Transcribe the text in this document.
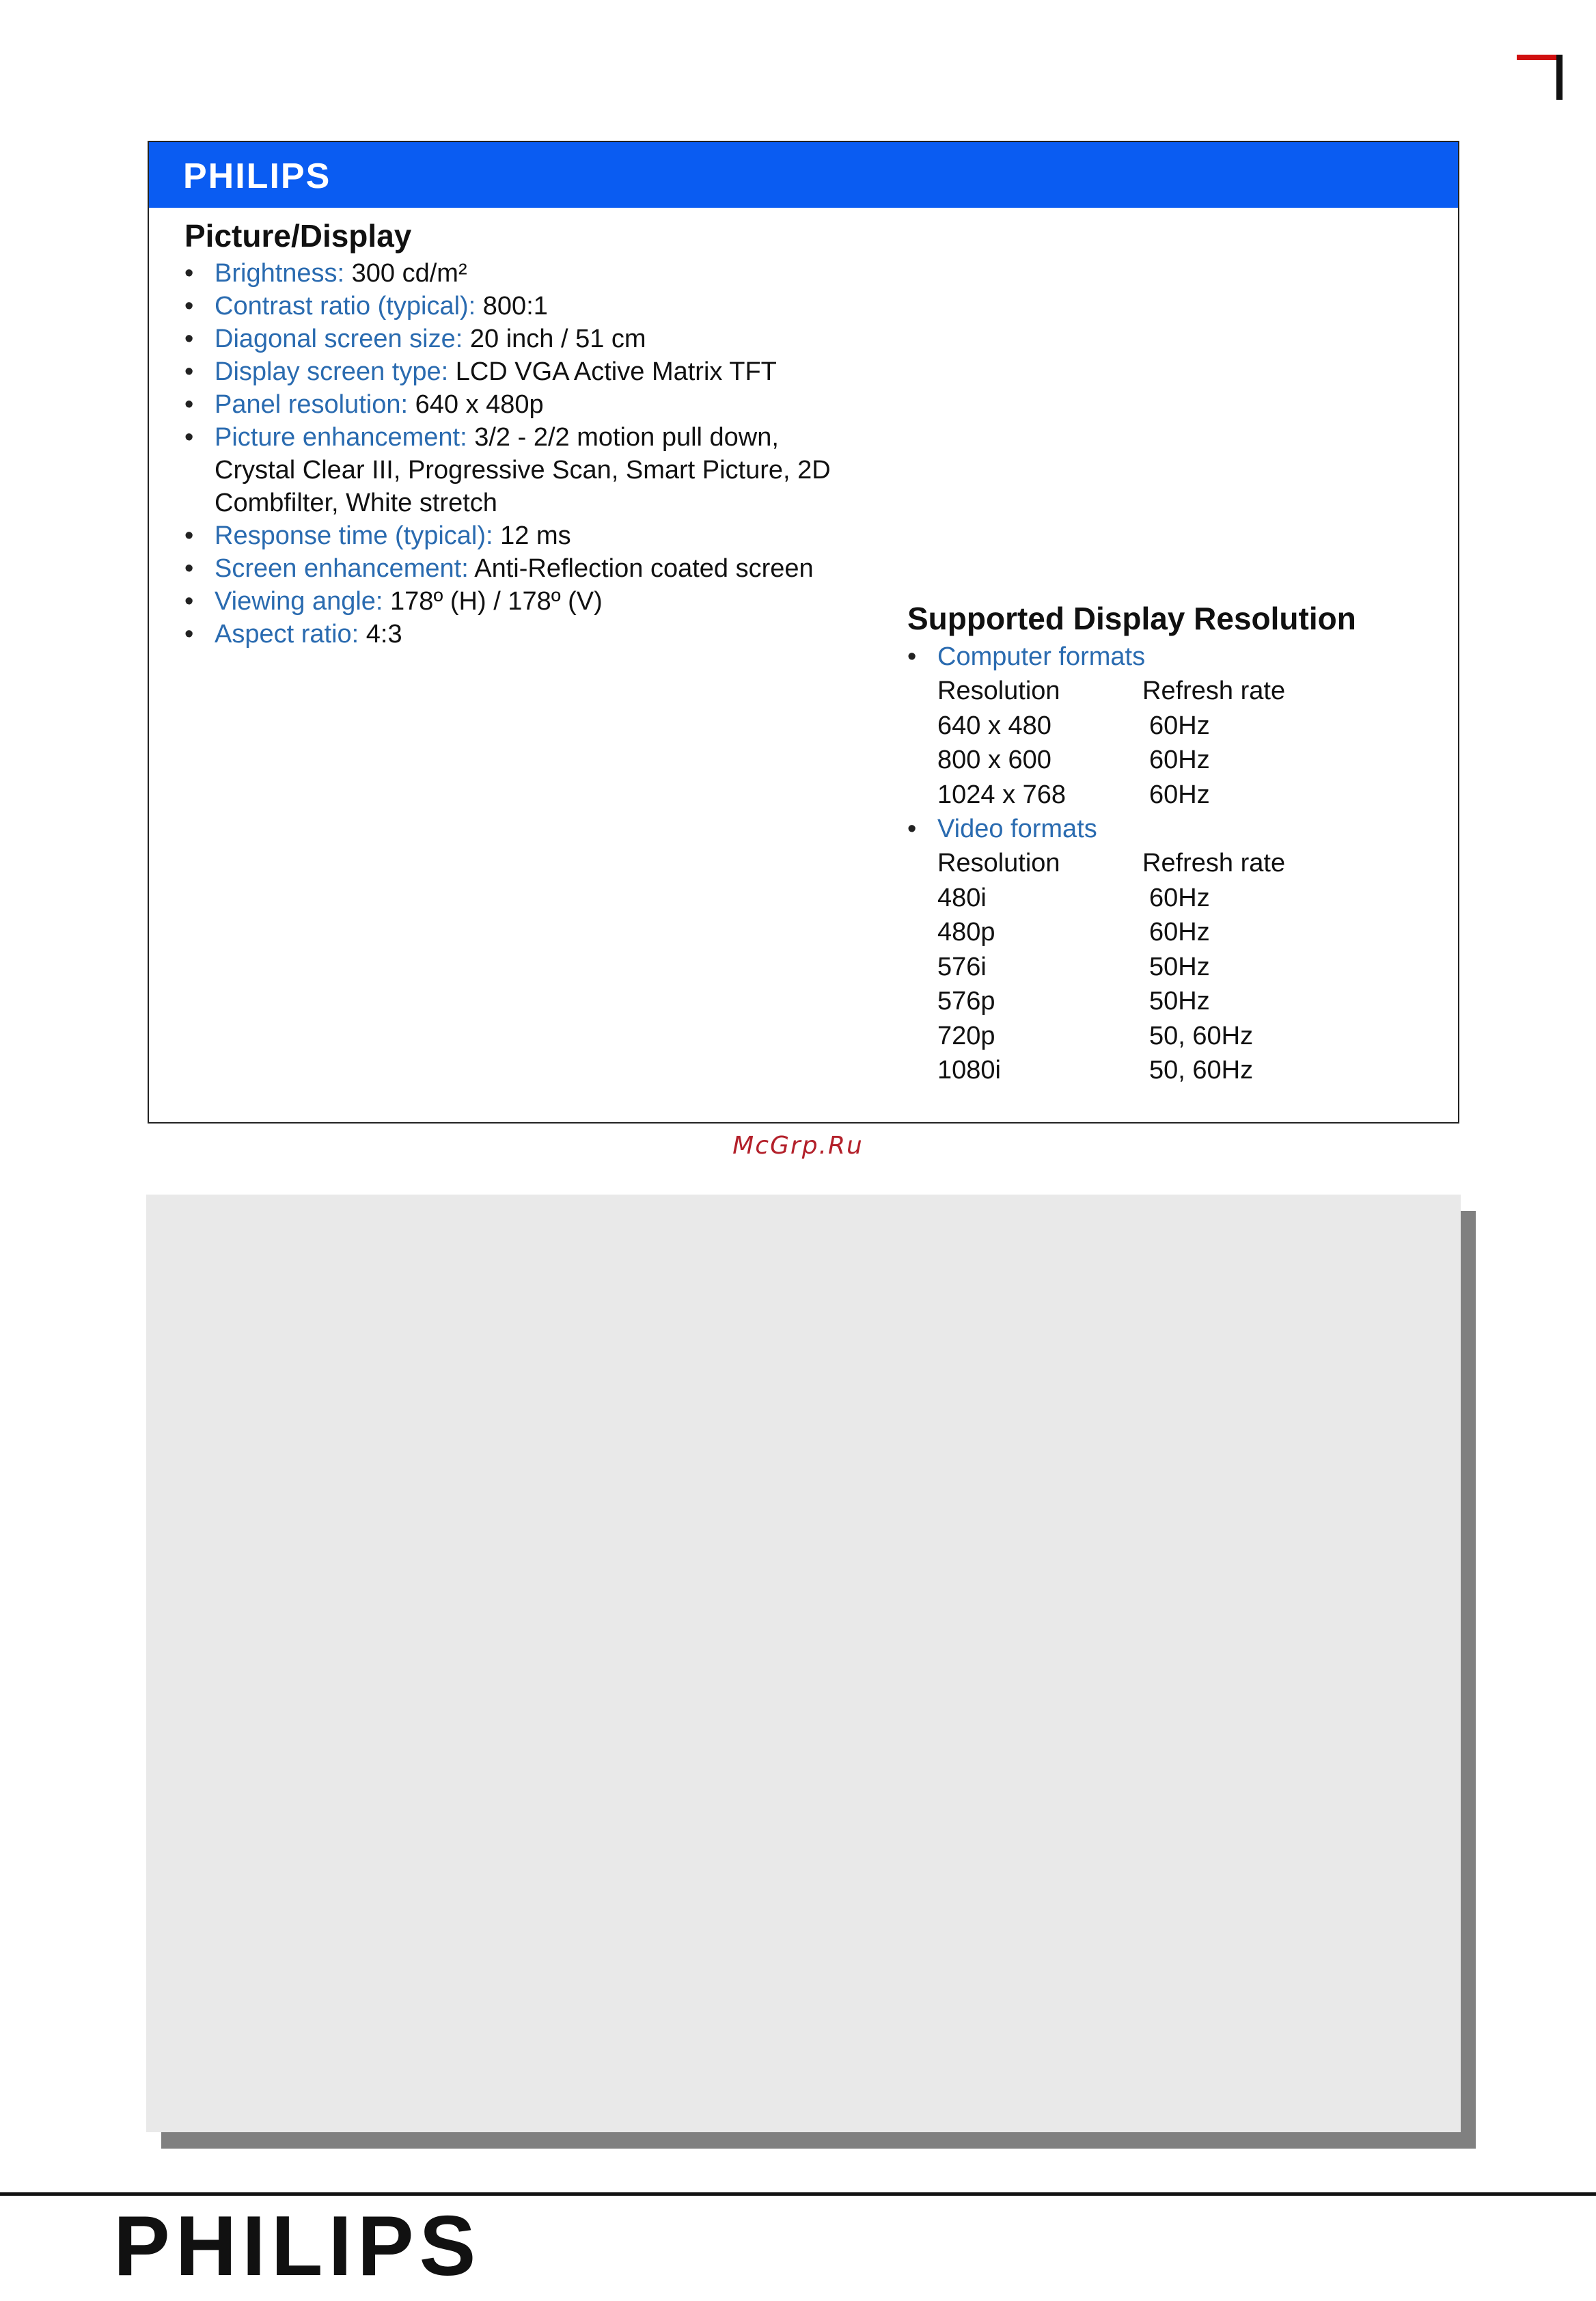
PHILIPS
Picture/Display
• Brightness: 300 cd/m²
• Contrast ratio (typical): 800:1
• Diagonal screen size: 20 inch / 51 cm
• Display screen type: LCD VGA Active Matrix TFT
• Panel resolution: 640 x 480p
• Picture enhancement: 3/2 - 2/2 motion pull down, Crystal Clear III, Progressive Scan, Smart Picture, 2D Combfilter, White stretch
• Response time (typical): 12 ms
• Screen enhancement: Anti-Reflection coated screen
• Viewing angle: 178º (H) / 178º (V)
• Aspect ratio: 4:3	Supported Display Resolution
• Computer formats
Resolution	Refresh rate
640 x 480	60Hz
800 x 600	60Hz
1024 x 768	60Hz
• Video formats
Resolution	Refresh rate
480i	60Hz
480p	60Hz
576i	50Hz
576p	50Hz
720p	50, 60Hz
1080i	50, 60Hz
McGrp.Ru
PHILIPS
